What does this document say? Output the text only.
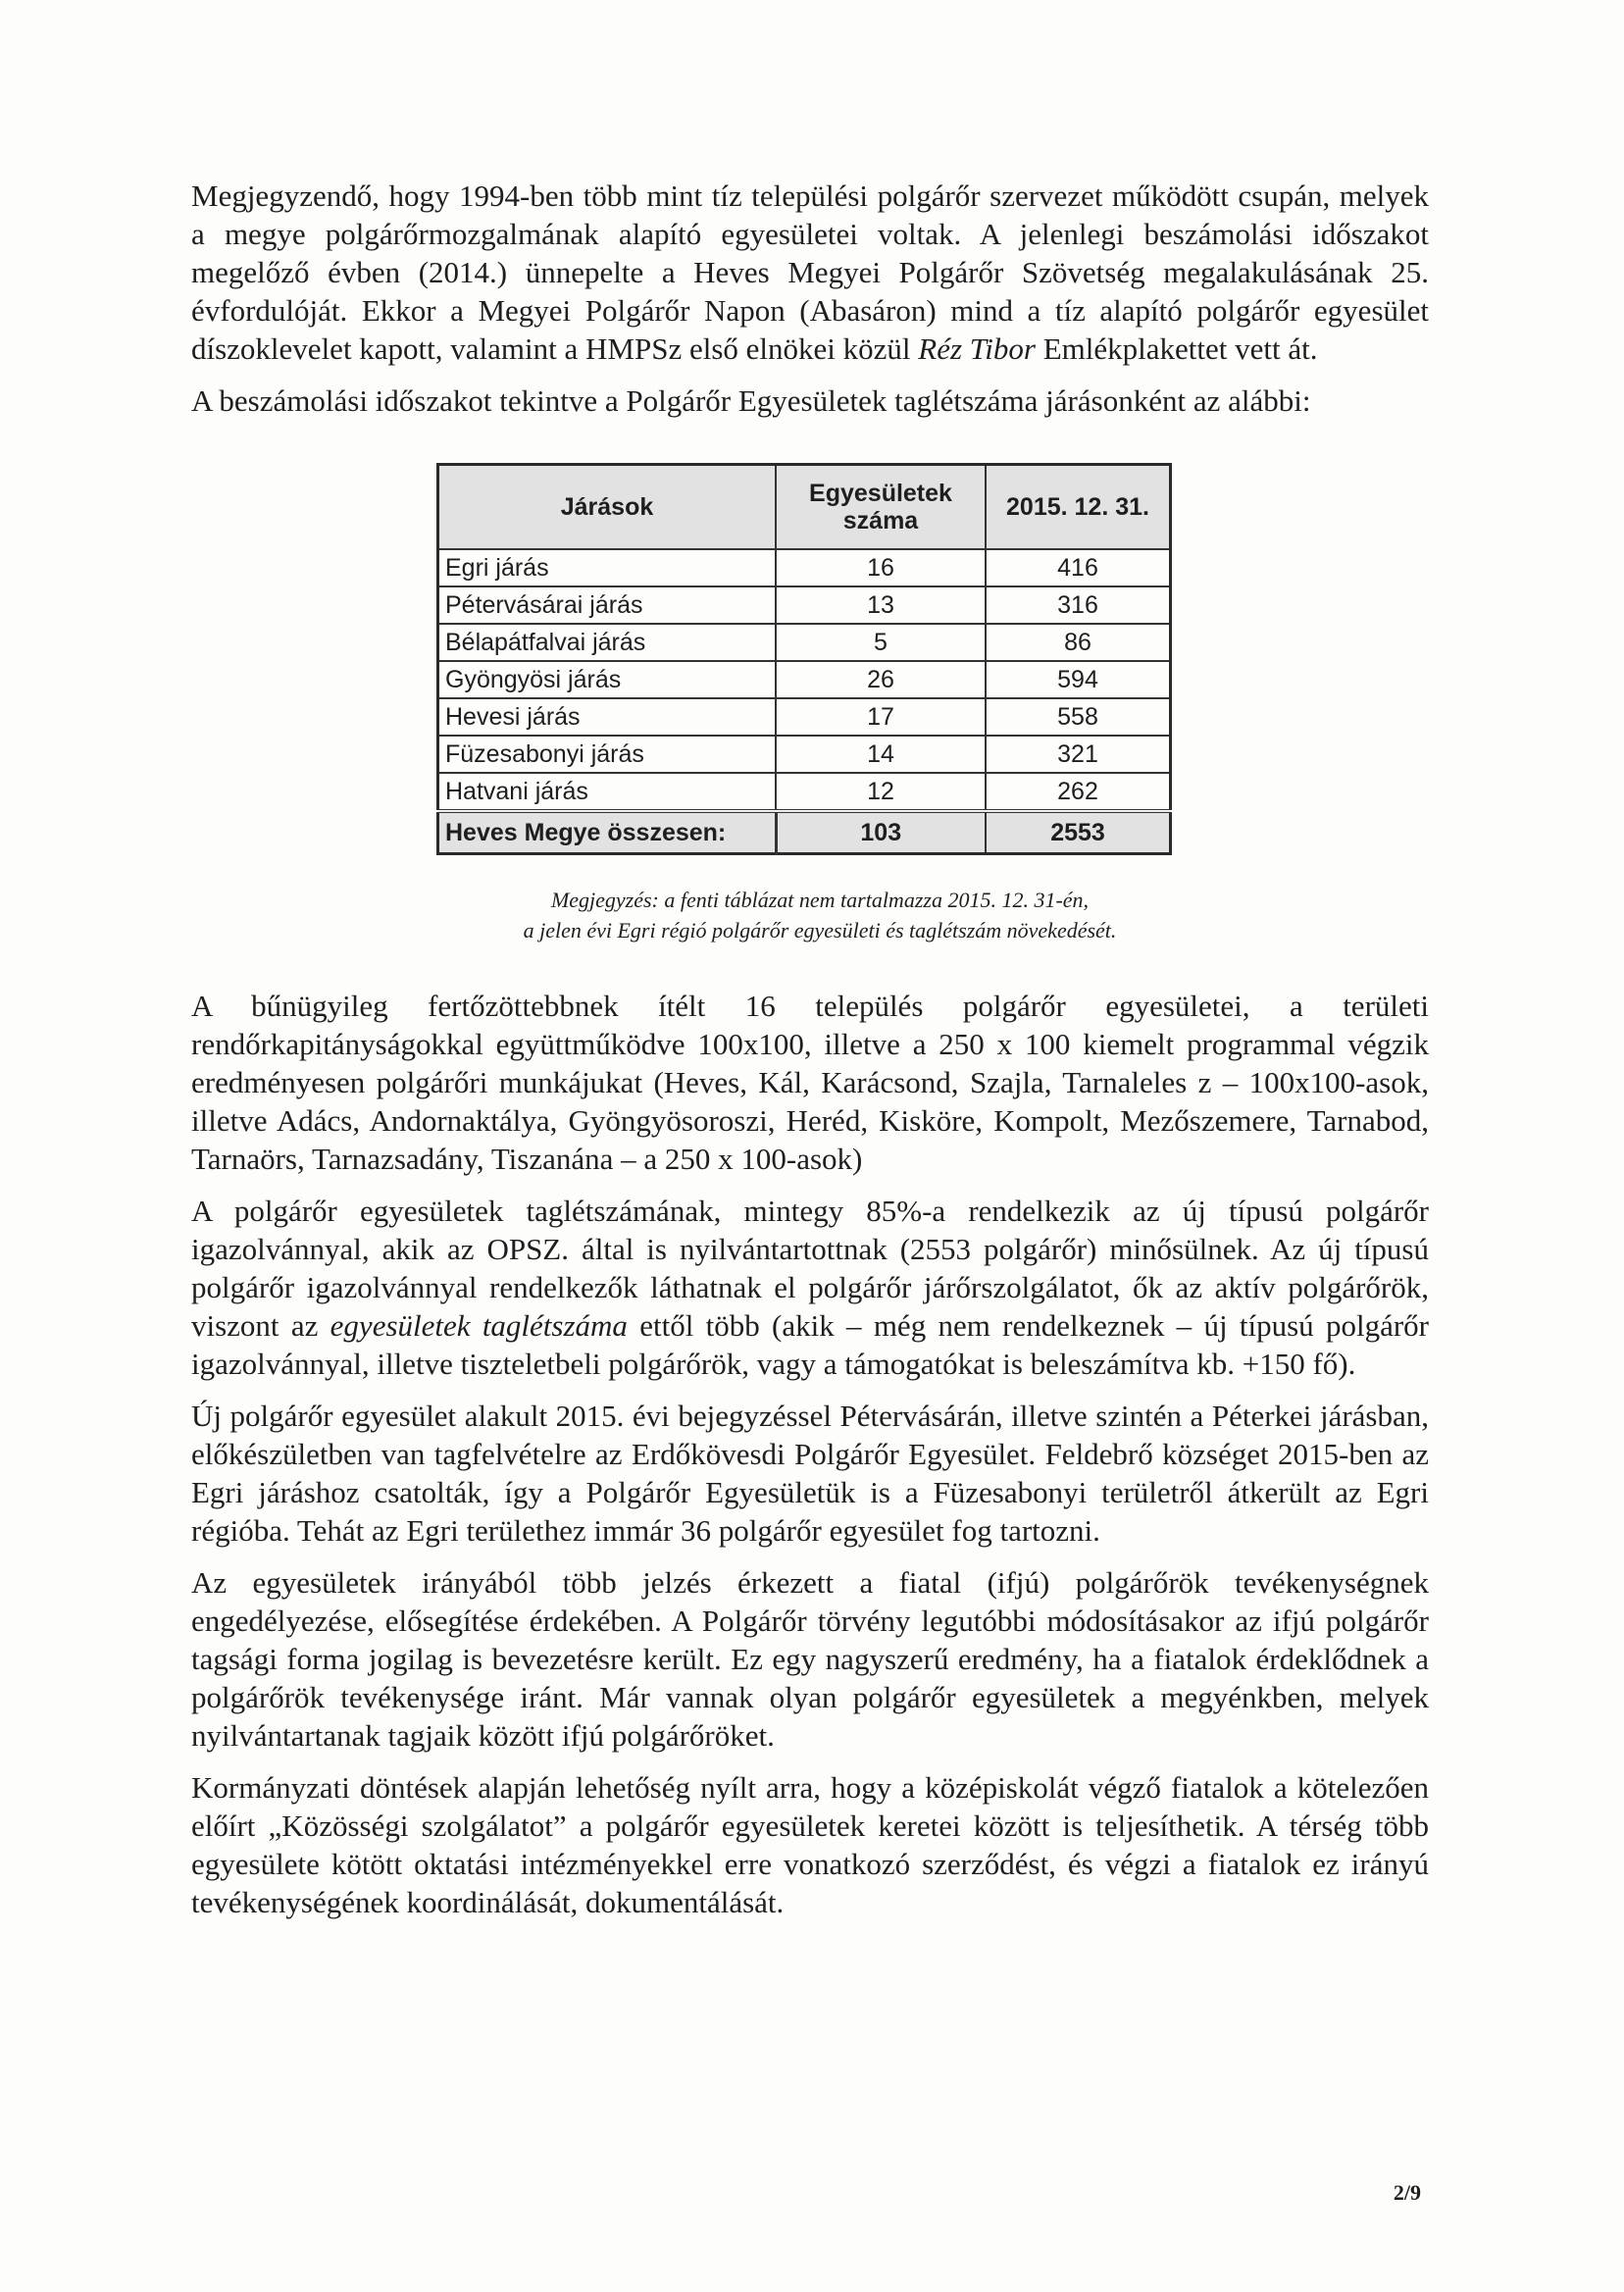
Megjegyzendő, hogy 1994-ben több mint tíz települési polgárőr szervezet működött csupán, melyek a megye polgárőrmozgalmának alapító egyesületei voltak. A jelenlegi beszámolási időszakot megelőző évben (2014.) ünnepelte a Heves Megyei Polgárőr Szövetség megalakulásának 25. évfordulóját. Ekkor a Megyei Polgárőr Napon (Abasáron) mind a tíz alapító polgárőr egyesület díszoklevelet kapott, valamint a HMPSz első elnökei közül Réz Tibor Emlékplakettet vett át.

A beszámolási időszakot tekintve a Polgárőr Egyesületek taglétszáma járásonként az alábbi:

Járások	Egyesületek száma	2015. 12. 31.
Egri járás	16	416
Pétervásárai járás	13	316
Bélapátfalvai járás	5	86
Gyöngyösi járás	26	594
Hevesi járás	17	558
Füzesabonyi járás	14	321
Hatvani járás	12	262
Heves Megye összesen:	103	2553
Megjegyzés: a fenti táblázat nem tartalmazza 2015. 12. 31-én,
a jelen évi Egri régió polgárőr egyesületi és taglétszám növekedését.

A bűnügyileg fertőzöttebbnek ítélt 16 település polgárőr egyesületei, a területi rendőrkapitányságokkal együttműködve 100x100, illetve a 250 x 100 kiemelt programmal végzik eredményesen polgárőri munkájukat (Heves, Kál, Karácsond, Szajla, Tarnaleles z – 100x100-asok, illetve Adács, Andornaktálya, Gyöngyösoroszi, Heréd, Kisköre, Kompolt, Mezőszemere, Tarnabod, Tarnaörs, Tarnazsadány, Tiszanána – a 250 x 100-asok)

A polgárőr egyesületek taglétszámának, mintegy 85%-a rendelkezik az új típusú polgárőr igazolvánnyal, akik az OPSZ. által is nyilvántartottnak (2553 polgárőr) minősülnek. Az új típusú polgárőr igazolvánnyal rendelkezők láthatnak el polgárőr járőrszolgálatot, ők az aktív polgárőrök, viszont az egyesületek taglétszáma ettől több (akik – még nem rendelkeznek – új típusú polgárőr igazolvánnyal, illetve tiszteletbeli polgárőrök, vagy a támogatókat is beleszámítva kb. +150 fő).

Új polgárőr egyesület alakult 2015. évi bejegyzéssel Pétervásárán, illetve szintén a Péterkei járásban, előkészületben van tagfelvételre az Erdőkövesdi Polgárőr Egyesület. Feldebrő községet 2015-ben az Egri járáshoz csatolták, így a Polgárőr Egyesületük is a Füzesabonyi területről átkerült az Egri régióba. Tehát az Egri területhez immár 36 polgárőr egyesület fog tartozni.

Az egyesületek irányából több jelzés érkezett a fiatal (ifjú) polgárőrök tevékenységnek engedélyezése, elősegítése érdekében. A Polgárőr törvény legutóbbi módosításakor az ifjú polgárőr tagsági forma jogilag is bevezetésre került. Ez egy nagyszerű eredmény, ha a fiatalok érdeklődnek a polgárőrök tevékenysége iránt. Már vannak olyan polgárőr egyesületek a megyénkben, melyek nyilvántartanak tagjaik között ifjú polgárőröket.

Kormányzati döntések alapján lehetőség nyílt arra, hogy a középiskolát végző fiatalok a kötelezően előírt „Közösségi szolgálatot” a polgárőr egyesületek keretei között is teljesíthetik. A térség több egyesülete kötött oktatási intézményekkel erre vonatkozó szerződést, és végzi a fiatalok ez irányú tevékenységének koordinálását, dokumentálását.

2/9
